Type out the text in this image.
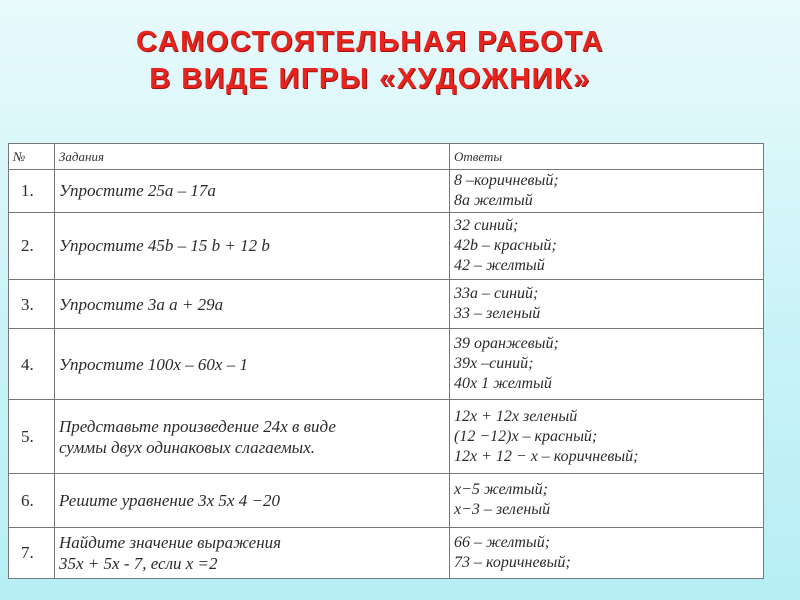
САМОСТОЯТЕЛЬНАЯ РАБОТА
В ВИДЕ ИГРЫ «ХУДОЖНИК»
№	Задания	Ответы
1.	Упростите 25а – 17а	8 –коричневый;
8а желтый

2.	Упростите 45b – 15 b + 12 b	32 синий;
42b – красный;
42 – желтый

3.	Упростите 3а а + 29а	33а – синий;
33 – зеленый

4.	Упростите 100х – 60х – 1	39 оранжевый;
39х –синий;
40х 1 желтый

5.	Представьте произведение 24х в виде
суммы двух одинаковых слагаемых.	12х + 12х зеленый
(12 −12)х – красный;
12х + 12 − х – коричневый;

6.	Решите уравнение 3х 5х 4 −20	х−5 желтый;
х−3 – зеленый

7.	Найдите значение выражения
35х + 5х - 7, если х =2	66 – желтый;
73 – коричневый;
